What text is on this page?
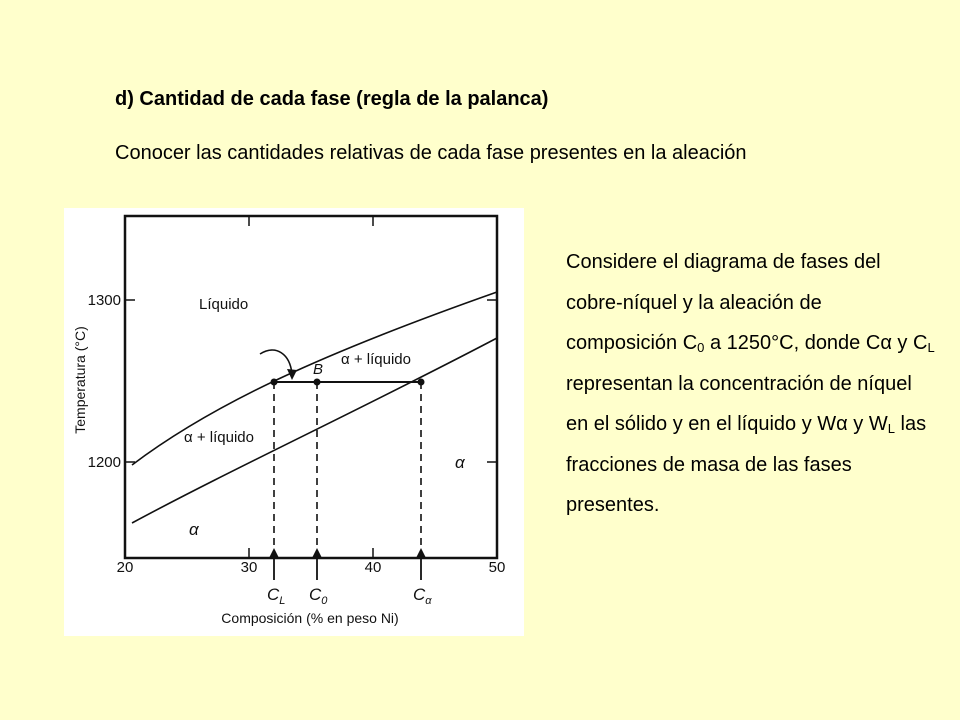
d) Cantidad de cada fase (regla de la palanca)

Conocer las cantidades relativas de cada fase presentes en la aleación

Líquido
α + líquido
α + líquido
α
α
B
20	30	40	50
1300
1200
$C_L$ $C_0$	$C_\alpha$
Composición (% en peso Ni)
Temperatura (°C)

Considere el diagrama de fases del cobre-níquel y la aleación de composición $C_0$ a 1250°C, donde Cα y $C_L$ representan la concentración de níquel en el sólido y en el líquido y Wα y $W_L$ las fracciones de masa de las fases presentes.
